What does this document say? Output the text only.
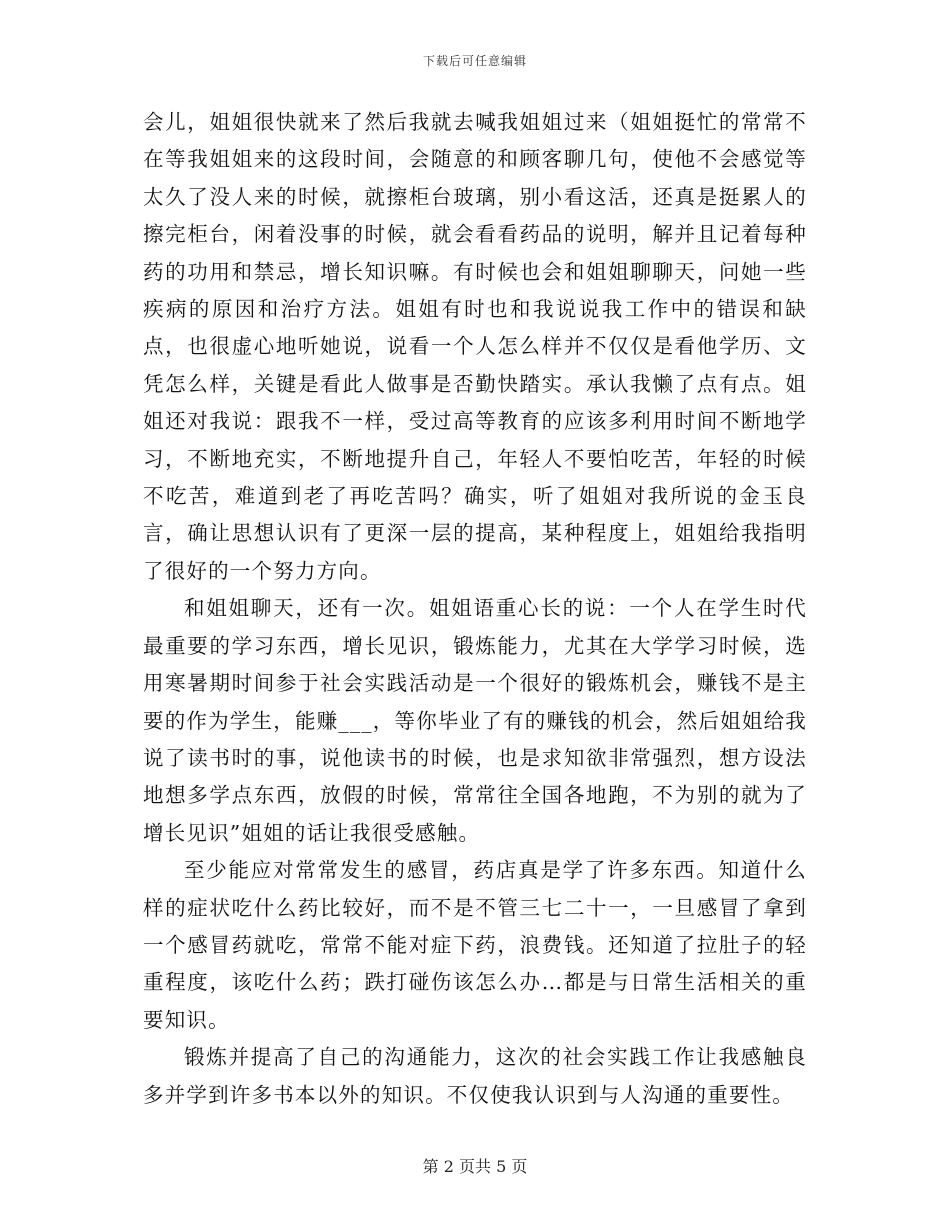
下载后可任意编辑

会儿，姐姐很快就来了然后我就去喊我姐姐过来（姐姐挺忙的常常不在等我姐姐来的这段时间，会随意的和顾客聊几句，使他不会感觉等太久了没人来的时候，就擦柜台玻璃，别小看这活，还真是挺累人的擦完柜台，闲着没事的时候，就会看看药品的说明，解并且记着每种药的功用和禁忌，增长知识嘛。有时候也会和姐姐聊聊天，问她一些疾病的原因和治疗方法。姐姐有时也和我说说我工作中的错误和缺点，也很虚心地听她说，说看一个人怎么样并不仅仅是看他学历、文凭怎么样，关键是看此人做事是否勤快踏实。承认我懒了点有点。姐姐还对我说：跟我不一样，受过高等教育的应该多利用时间不断地学习，不断地充实，不断地提升自己，年轻人不要怕吃苦，年轻的时候不吃苦，难道到老了再吃苦吗？确实，听了姐姐对我所说的金玉良言，确让思想认识有了更深一层的提高，某种程度上，姐姐给我指明了很好的一个努力方向。

和姐姐聊天，还有一次。姐姐语重心长的说：一个人在学生时代最重要的学习东西，增长见识，锻炼能力，尤其在大学学习时候，选用寒暑期时间参于社会实践活动是一个很好的锻炼机会，赚钱不是主要的作为学生，能赚___，等你毕业了有的赚钱的机会，然后姐姐给我说了读书时的事，说他读书的时候，也是求知欲非常强烈，想方设法地想多学点东西，放假的时候，常常往全国各地跑，不为别的就为了增长见识”姐姐的话让我很受感触。

至少能应对常常发生的感冒，药店真是学了许多东西。知道什么样的症状吃什么药比较好，而不是不管三七二十一，一旦感冒了拿到一个感冒药就吃，常常不能对症下药，浪费钱。还知道了拉肚子的轻重程度，该吃什么药；跌打碰伤该怎么办…都是与日常生活相关的重要知识。

锻炼并提高了自己的沟通能力，这次的社会实践工作让我感触良多并学到许多书本以外的知识。不仅使我认识到与人沟通的重要性。

第 2 页共 5 页
